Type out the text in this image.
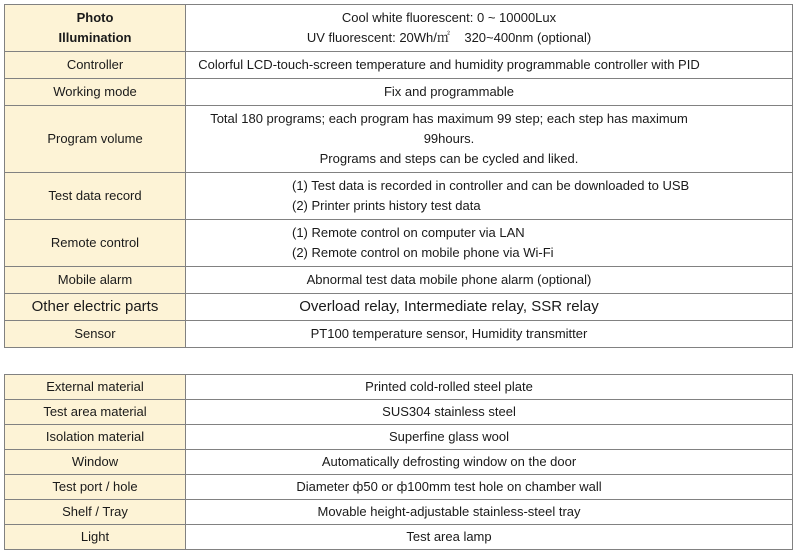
Photo
Illumination	Cool white fluorescent: 0 ~ 10000Lux
UV fluorescent: 20Wh/㎡    320~400nm (optional)
Controller	Colorful LCD-touch-screen temperature and humidity programmable controller with PID
Working mode	Fix and programmable
Program volume	Total 180 programs; each program has maximum 99 step; each step has maximum 99hours.
Programs and steps can be cycled and liked.
Test data record	(1) Test data is recorded in controller and can be downloaded to USB
(2) Printer prints history test data
Remote control	(1) Remote control on computer via LAN
(2) Remote control on mobile phone via Wi-Fi
Mobile alarm	Abnormal test data mobile phone alarm (optional)
Other electric parts	Overload relay, Intermediate relay, SSR relay
Sensor	PT100 temperature sensor, Humidity transmitter
External material	Printed cold-rolled steel plate
Test area material	SUS304 stainless steel
Isolation material	Superfine glass wool
Window	Automatically defrosting window on the door
Test port / hole	Diameter ф50 or ф100mm test hole on chamber wall
Shelf / Tray	Movable height-adjustable stainless-steel tray
Light	Test area lamp
